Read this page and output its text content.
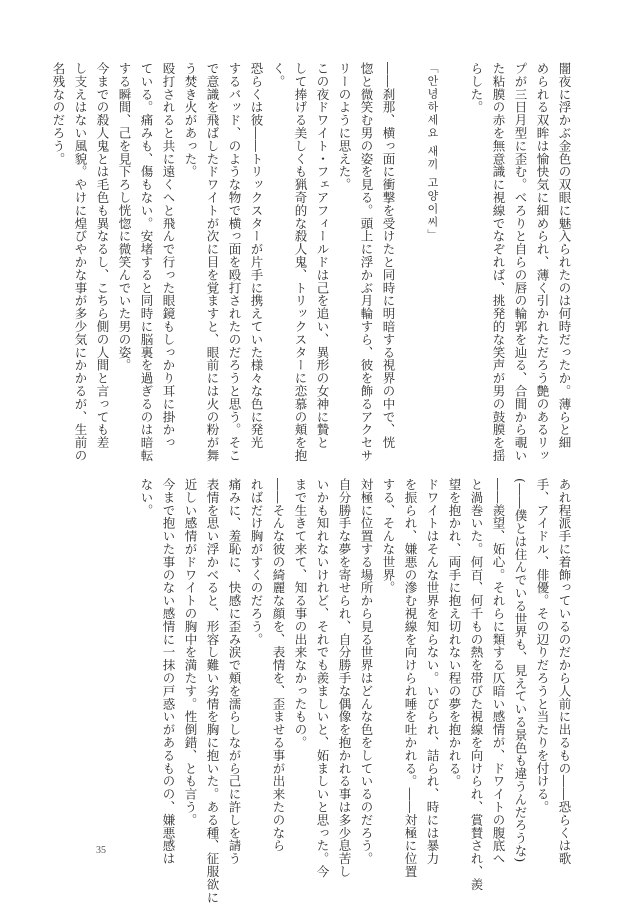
闇夜に浮かぶ金色の双眼に魅入られたのは何時だったか。薄らと細
められる双眸は愉快気に細められ、薄く引かれただろう艶のあるリッ
プが三日月型に歪む。べろりと自らの唇の輪郭を辿る、合間から覗い
た粘膜の赤を無意識に視線でなぞれば、挑発的な笑声が男の鼓膜を揺
らした。

「안녕하세요 새끼 고양이씨」

――刹那、横っ面に衝撃を受けたと同時に明暗する視界の中で、恍
惚と微笑む男の姿を見る。頭上に浮かぶ月輪すら、彼を飾るアクセサ
リーのように思えた。
この夜ドワイト・フェアフィールドは己を追い、異形の女神に贄と
して捧げる美しくも猟奇的な殺人鬼、トリックスターに恋慕の頬を抱
く。
恐らくは彼――トリックスターが片手に携えていた様々な色に発光
するバッド、のような物で横っ面を殴打されたのだろうと思う。そこ
で意識を飛ばしたドワイトが次に目を覚ますと、眼前には火の粉が舞
う焚き火があった。
殴打されると共に遠くへと飛んで行った眼鏡もしっかり耳に掛かっ
ている。痛みも、傷もない。安堵すると同時に脳裏を過ぎるのは暗転
する瞬間、己を見下ろし恍惚に微笑んでいた男の姿。
今までの殺人鬼とは毛色も異なるし、こちら側の人間と言っても差
し支えはない風貌。やけに煌びやかな事が多少気にかかるが、生前の
名残なのだろう。
あれ程派手に着飾っているのだから人前に出るもの――恐らくは歌
手、アイドル、俳優。その辺りだろうと当たりを付ける。
(――僕とは住んでいる世界も、見えている景色も違うんだろうな)
――羨望、妬心。それらに類する仄暗い感情が、ドワイトの腹底へ
と渦巻いた。何百、何千もの熱を帯びた視線を向けられ、賞賛され、羨
望を抱かれ、両手に抱え切れない程の夢を抱かれる。
ドワイトはそんな世界を知らない。いびられ、詰られ、時には暴力
を振られ、嫌悪の滲む視線を向けられ唾を吐かれる。――対極に位置
する、そんな世界。
対極に位置する場所から見る世界はどんな色をしているのだろう。
自分勝手な夢を寄せられ、自分勝手な偶像を抱かれる事は多少息苦し
いかも知れないけれど、それでも羨ましいと、妬ましいと思った。今
まで生きて来て、知る事の出来なかったもの。
――そんな彼の綺麗な顔を、表情を、歪ませる事が出来たのなら
ればだけ胸がすくのだろう。
痛みに、羞恥に、快感に歪み涙で頬を濡らしながら己に許しを請う
表情を思い浮かべると、形容し難い劣情を胸に抱いた。ある種、征服欲に
近しい感情がドワイトの胸中を満たす。性倒錯、とも言う。
今まで抱いた事のない感情に一抹の戸惑いがあるものの、嫌悪感は
ない。
35
